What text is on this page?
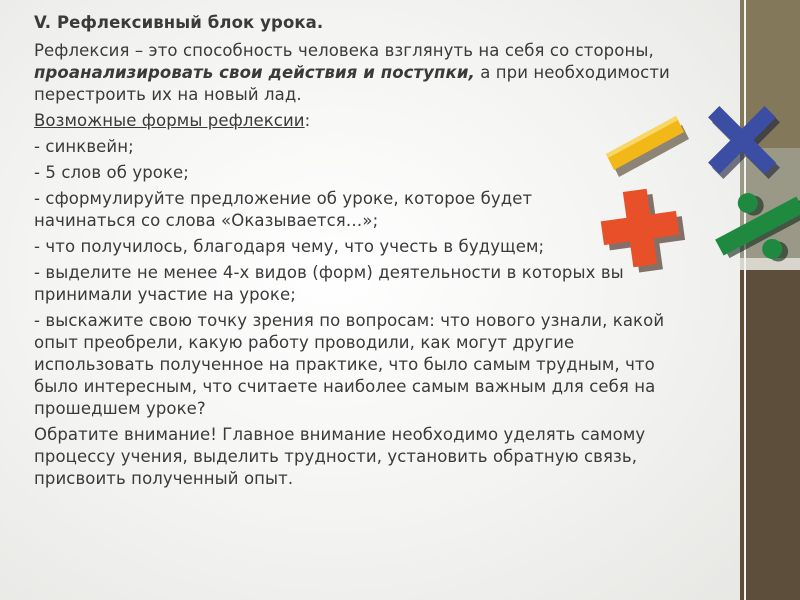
V. Рефлексивный блок урока.

Рефлексия – это способность человека взглянуть на себя со стороны, проанализировать свои действия и поступки, а при необходимости перестроить их на новый лад.

Возможные формы рефлексии:

- синквейн;

- 5 слов об уроке;

- сформулируйте предложение об уроке, которое будет начинаться со слова «Оказывается…»;

- что получилось, благодаря чему, что учесть в будущем;

- выделите не менее 4-х видов (форм) деятельности в которых вы принимали участие на уроке;

- выскажите свою точку зрения по вопросам: что нового узнали, какой опыт преобрели, какую работу проводили, как могут другие использовать полученное на практике, что было самым трудным, что было интересным, что считаете наиболее самым важным для себя на прошедшем уроке?

Обратите внимание! Главное внимание необходимо уделять самому процессу учения, выделить трудности, установить обратную связь, присвоить полученный опыт.
